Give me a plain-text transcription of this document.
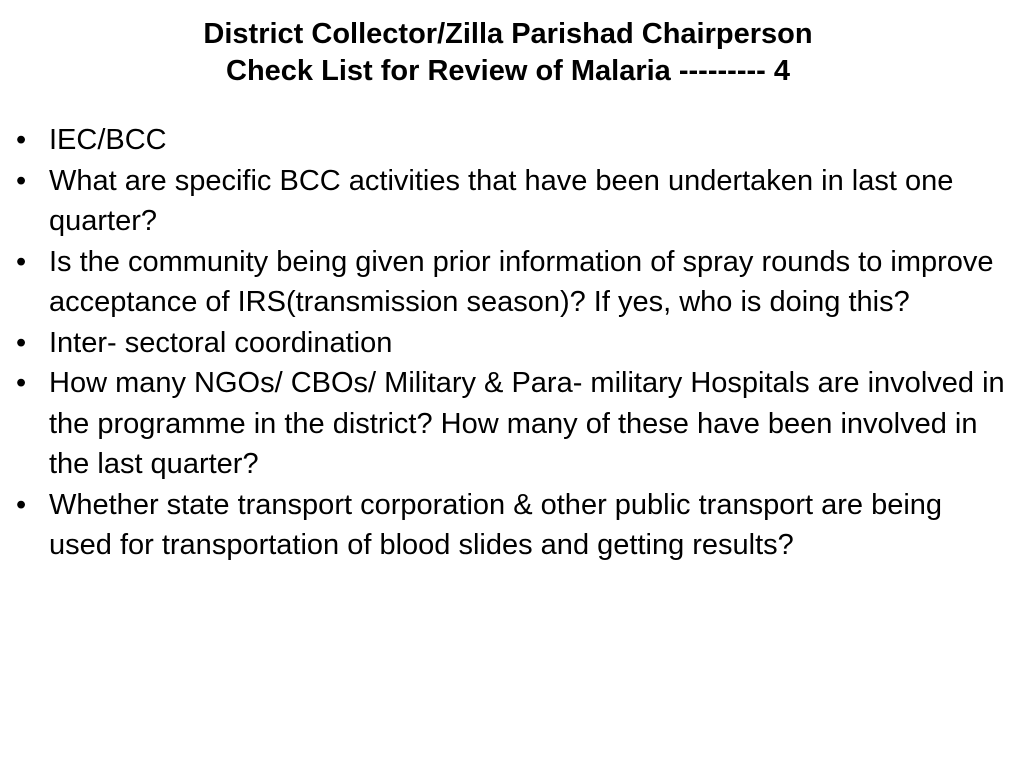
District Collector/Zilla Parishad Chairperson
Check List for Review of Malaria --------- 4
• IEC/BCC
• What are specific BCC activities that have been undertaken in last one quarter?
• Is the community being given prior information of spray rounds to improve acceptance of IRS(transmission season)? If yes, who is doing this?
• Inter- sectoral coordination
• How many NGOs/ CBOs/ Military & Para- military Hospitals are involved in the programme in the district? How many of these have been involved in the last quarter?
• Whether state transport corporation & other public transport are being used for transportation of blood slides and getting results?
